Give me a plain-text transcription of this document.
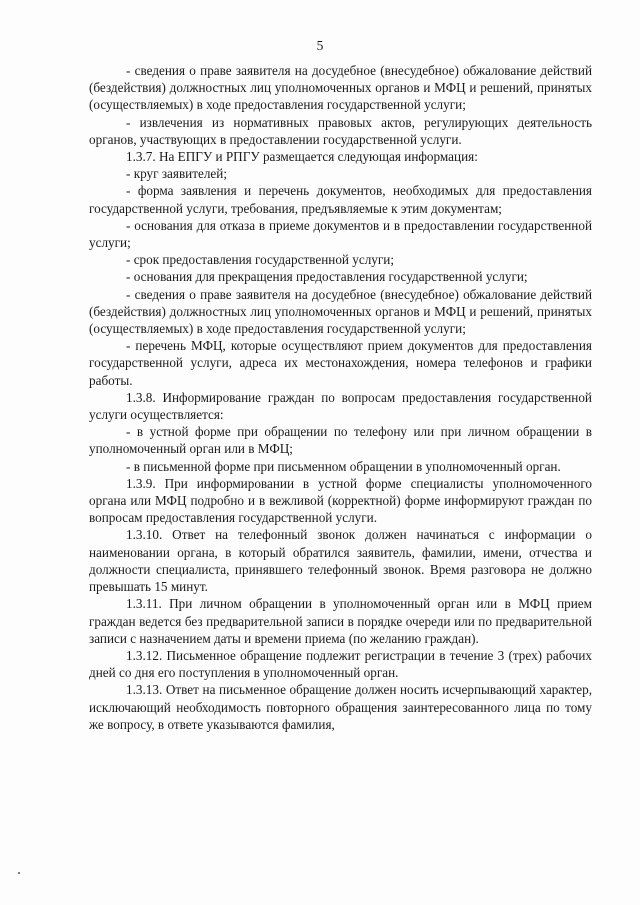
5

- сведения о праве заявителя на досудебное (внесудебное) обжалование действий (бездействия) должностных лиц уполномоченных органов и МФЦ и решений, принятых (осуществляемых) в ходе предоставления государственной услуги;

- извлечения из нормативных правовых актов, регулирующих деятельность органов, участвующих в предоставлении государственной услуги.

1.3.7. На ЕПГУ и РПГУ размещается следующая информация:

- круг заявителей;

- форма заявления и перечень документов, необходимых для предоставления государственной услуги, требования, предъявляемые к этим документам;

- основания для отказа в приеме документов и в предоставлении государственной услуги;

- срок предоставления государственной услуги;

- основания для прекращения предоставления государственной услуги;

- сведения о праве заявителя на досудебное (внесудебное) обжалование действий (бездействия) должностных лиц уполномоченных органов и МФЦ и решений, принятых (осуществляемых) в ходе предоставления государственной услуги;

- перечень МФЦ, которые осуществляют прием документов для предоставления государственной услуги, адреса их местонахождения, номера телефонов и графики работы.

1.3.8. Информирование граждан по вопросам предоставления государственной услуги осуществляется:

- в устной форме при обращении по телефону или при личном обращении в уполномоченный орган или в МФЦ;

- в письменной форме при письменном обращении в уполномоченный орган.

1.3.9. При информировании в устной форме специалисты уполномоченного органа или МФЦ подробно и в вежливой (корректной) форме информируют граждан по вопросам предоставления государственной услуги.

1.3.10. Ответ на телефонный звонок должен начинаться с информации о наименовании органа, в который обратился заявитель, фамилии, имени, отчества и должности специалиста, принявшего телефонный звонок. Время разговора не должно превышать 15 минут.

1.3.11. При личном обращении в уполномоченный орган или в МФЦ прием граждан ведется без предварительной записи в порядке очереди или по предварительной записи с назначением даты и времени приема (по желанию граждан).

1.3.12. Письменное обращение подлежит регистрации в течение 3 (трех) рабочих дней со дня его поступления в уполномоченный орган.

1.3.13. Ответ на письменное обращение должен носить исчерпывающий характер, исключающий необходимость повторного обращения заинтересованного лица по тому же вопросу, в ответе указываются фамилия,
